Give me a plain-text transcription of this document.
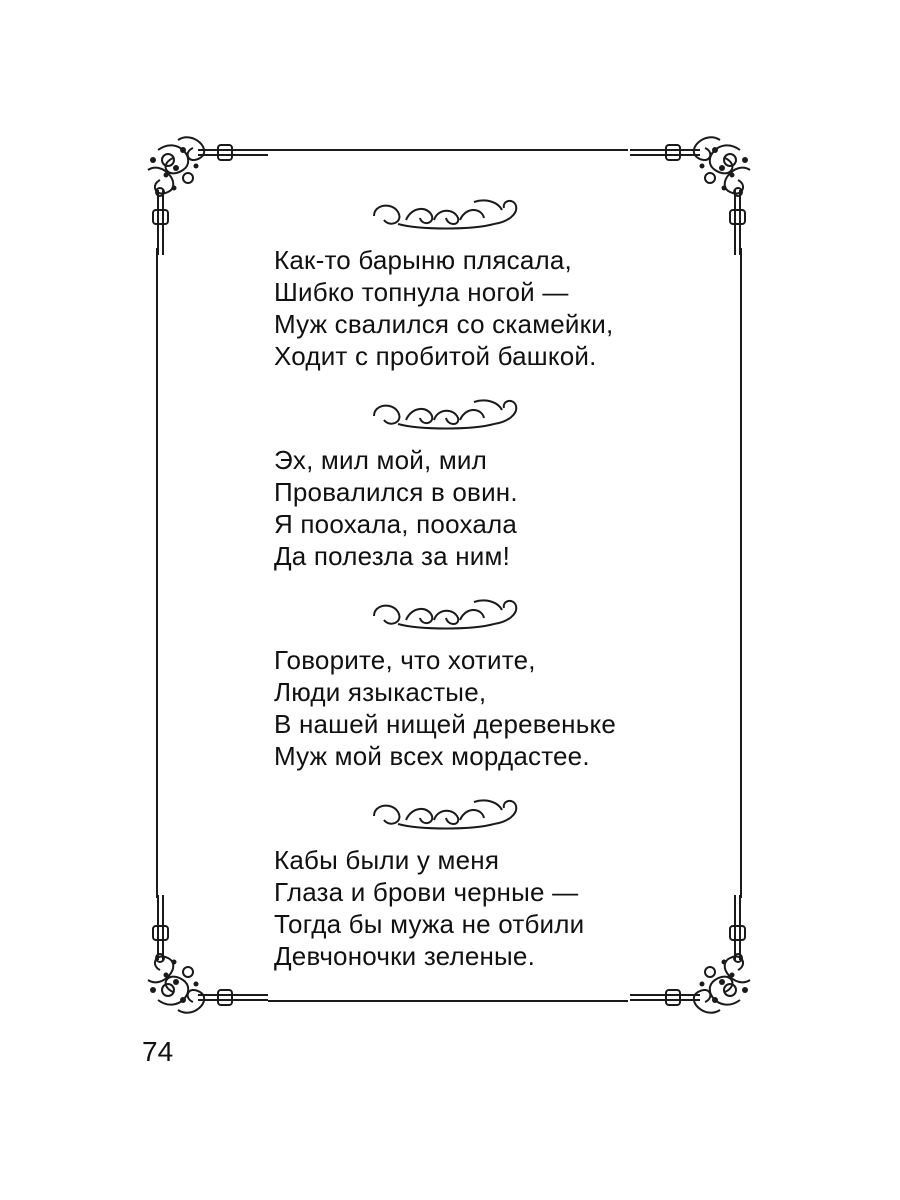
Как-то барыню плясала,
Шибко топнула ногой —
Муж свалился со скамейки,
Ходит с пробитой башкой.
Эх, мил мой, мил
Провалился в овин.
Я поохала, поохала
Да полезла за ним!
Говорите, что хотите,
Люди языкастые,
В нашей нищей деревеньке
Муж мой всех мордастее.
Кабы были у меня
Глаза и брови черные —
Тогда бы мужа не отбили
Девчоночки зеленые.
74
